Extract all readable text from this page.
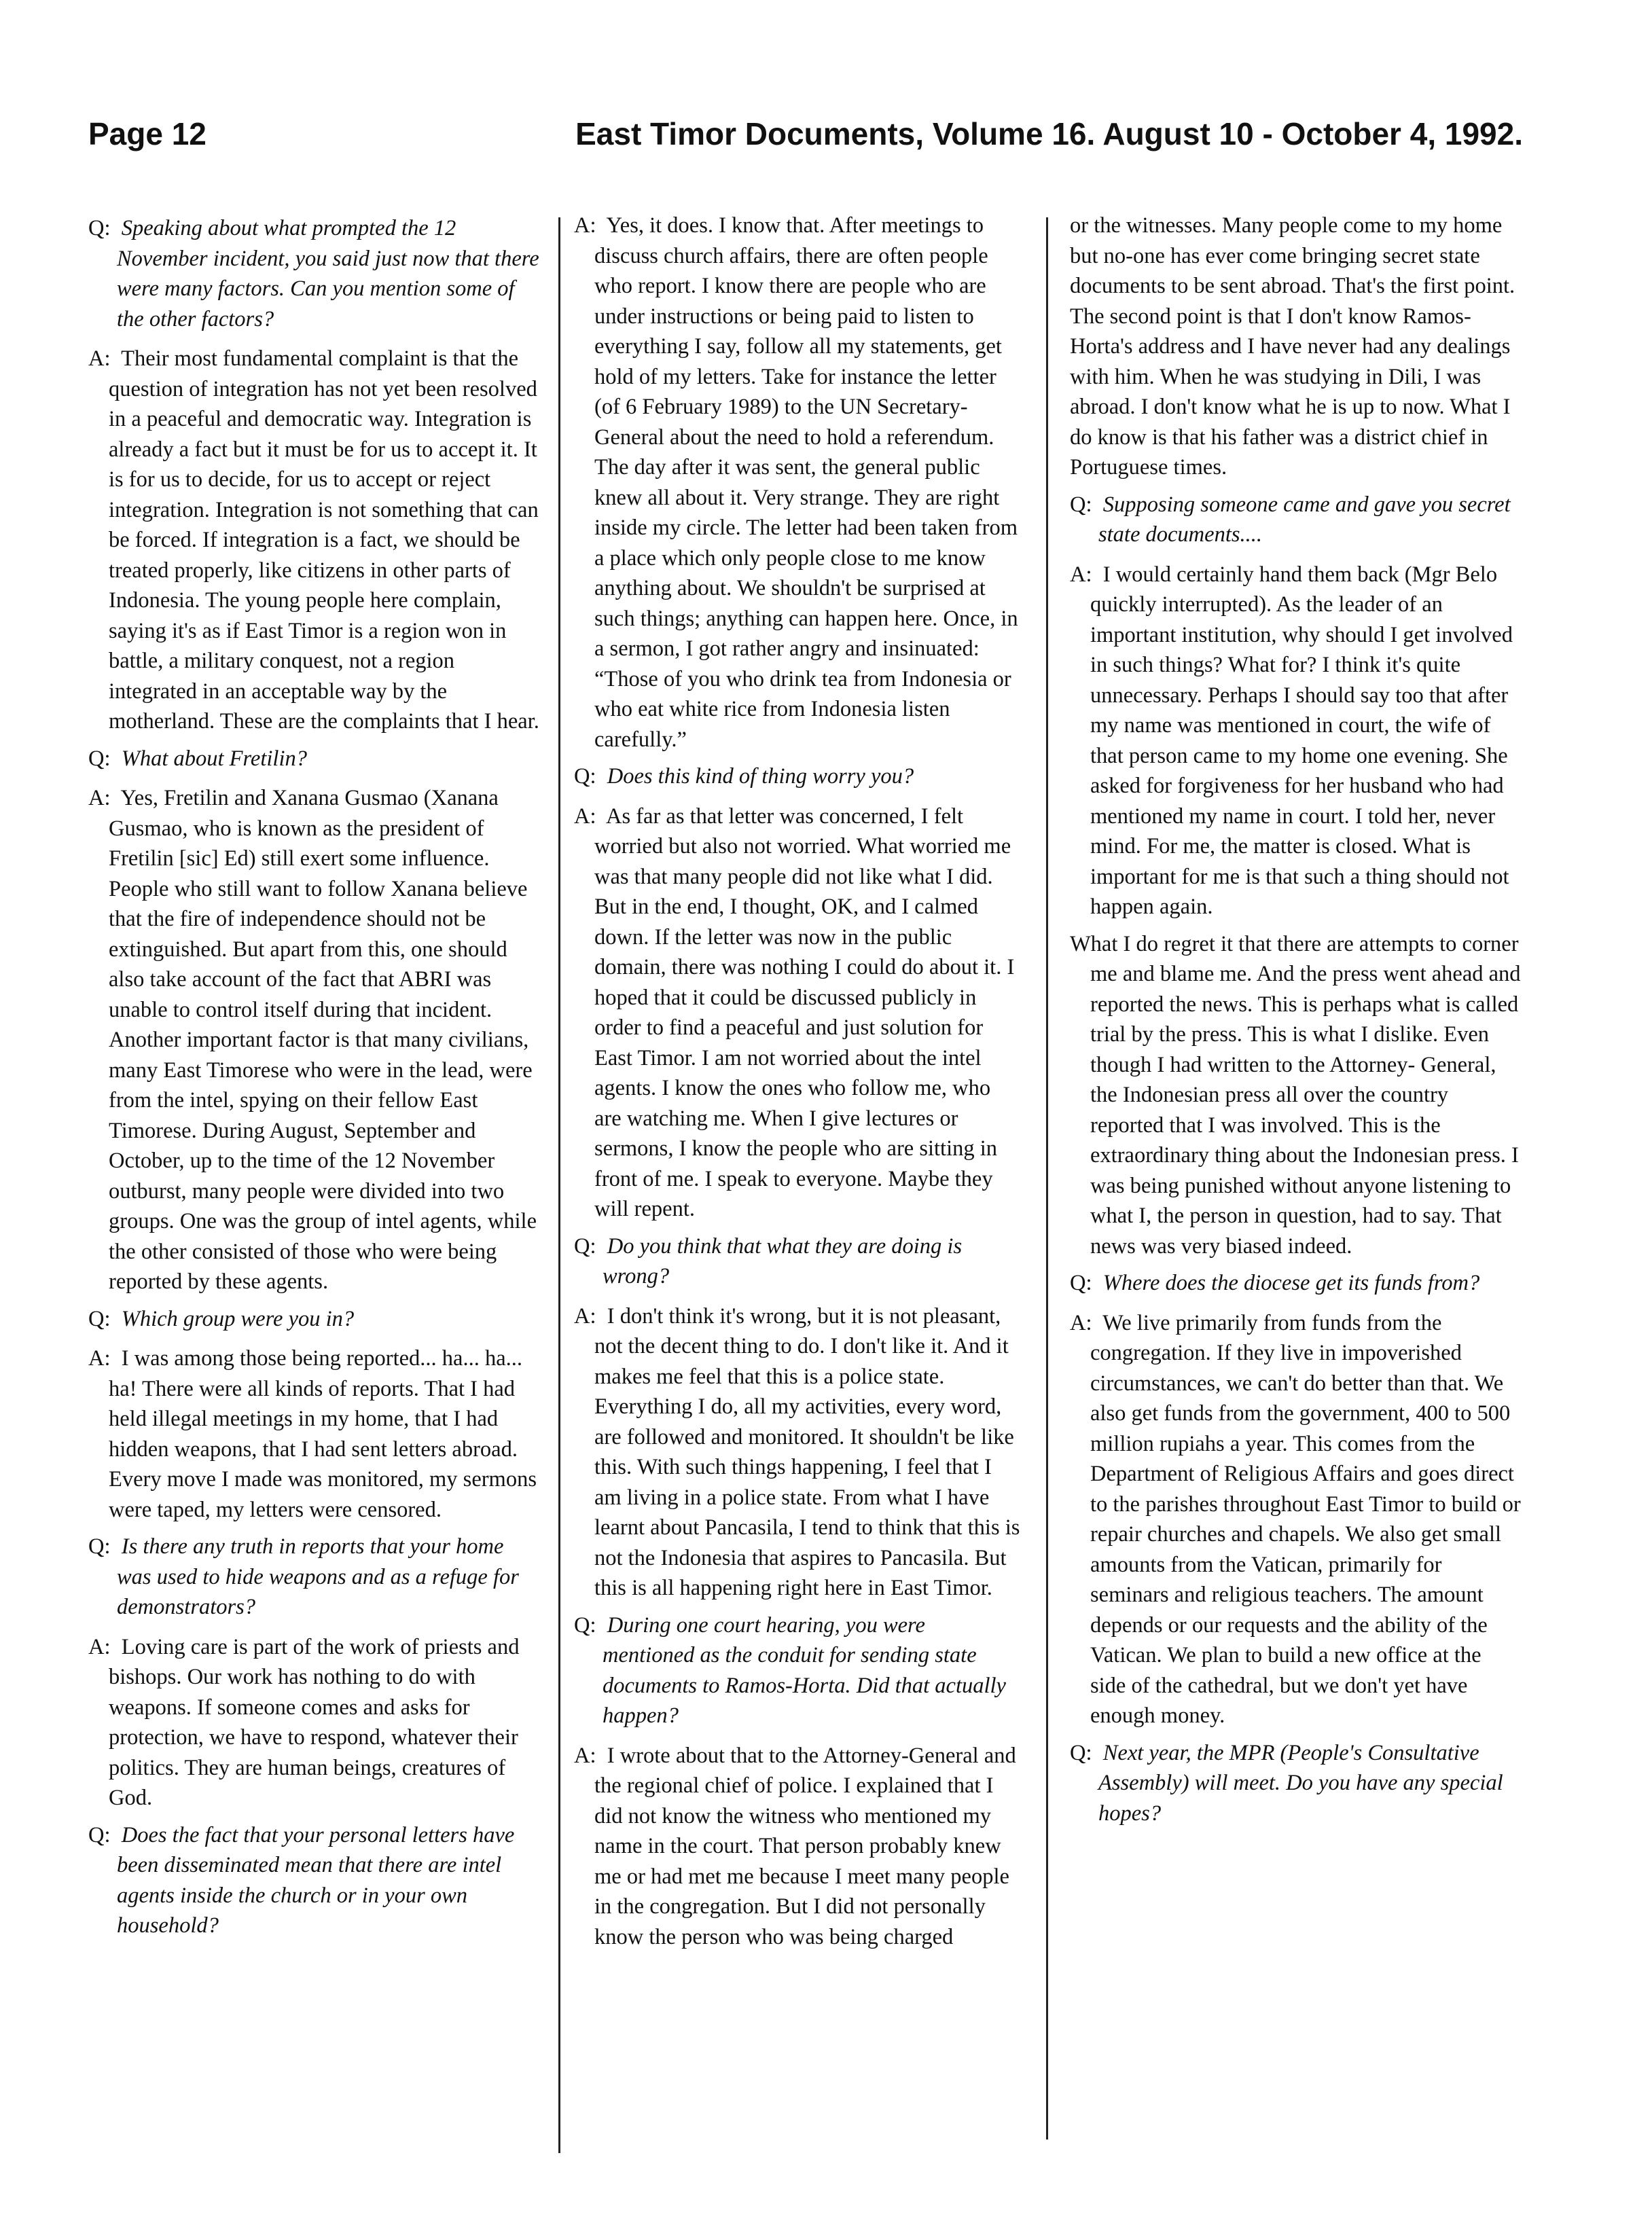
Page 12	East Timor Documents, Volume 16. August 10 - October 4, 1992.

Q: Speaking about what prompted the 12 November incident, you said just now that there were many factors. Can you mention some of the other factors?

A: Their most fundamental complaint is that the question of integration has not yet been resolved in a peaceful and democratic way. Integration is already a fact but it must be for us to accept it. It is for us to decide, for us to accept or reject integration. Integration is not something that can be forced. If integration is a fact, we should be treated properly, like citizens in other parts of Indonesia. The young people here complain, saying it's as if East Timor is a region won in battle, a military conquest, not a region integrated in an acceptable way by the motherland. These are the complaints that I hear.

Q: What about Fretilin?

A: Yes, Fretilin and Xanana Gusmao (Xanana Gusmao, who is known as the president of Fretilin [sic] Ed) still exert some influence. People who still want to follow Xanana believe that the fire of independence should not be extinguished. But apart from this, one should also take account of the fact that ABRI was unable to control itself during that incident. Another important factor is that many civilians, many East Timorese who were in the lead, were from the intel, spying on their fellow East Timorese. During August, September and October, up to the time of the 12 November outburst, many people were divided into two groups. One was the group of intel agents, while the other consisted of those who were being reported by these agents.

Q: Which group were you in?

A: I was among those being reported... ha... ha... ha! There were all kinds of reports. That I had held illegal meetings in my home, that I had hidden weapons, that I had sent letters abroad. Every move I made was monitored, my sermons were taped, my letters were censored.

Q: Is there any truth in reports that your home was used to hide weapons and as a refuge for demonstrators?

A: Loving care is part of the work of priests and bishops. Our work has nothing to do with weapons. If someone comes and asks for protection, we have to respond, whatever their politics. They are human beings, creatures of God.

Q: Does the fact that your personal letters have been disseminated mean that there are intel agents inside the church or in your own household?

A: Yes, it does. I know that. After meetings to discuss church affairs, there are often people who report. I know there are people who are under instructions or being paid to listen to everything I say, follow all my statements, get hold of my letters. Take for instance the letter (of 6 February 1989) to the UN Secretary-General about the need to hold a referendum. The day after it was sent, the general public knew all about it. Very strange. They are right inside my circle. The letter had been taken from a place which only people close to me know anything about. We shouldn't be surprised at such things; anything can happen here. Once, in a sermon, I got rather angry and insinuated: “Those of you who drink tea from Indonesia or who eat white rice from Indonesia listen carefully.”

Q: Does this kind of thing worry you?

A: As far as that letter was concerned, I felt worried but also not worried. What worried me was that many people did not like what I did. But in the end, I thought, OK, and I calmed down. If the letter was now in the public domain, there was nothing I could do about it. I hoped that it could be discussed publicly in order to find a peaceful and just solution for East Timor. I am not worried about the intel agents. I know the ones who follow me, who are watching me. When I give lectures or sermons, I know the people who are sitting in front of me. I speak to everyone. Maybe they will repent.

Q: Do you think that what they are doing is wrong?

A: I don't think it's wrong, but it is not pleasant, not the decent thing to do. I don't like it. And it makes me feel that this is a police state. Everything I do, all my activities, every word, are followed and monitored. It shouldn't be like this. With such things happening, I feel that I am living in a police state. From what I have learnt about Pancasila, I tend to think that this is not the Indonesia that aspires to Pancasila. But this is all happening right here in East Timor.

Q: During one court hearing, you were mentioned as the conduit for sending state documents to Ramos-Horta. Did that actually happen?

A: I wrote about that to the Attorney-General and the regional chief of police. I explained that I did not know the witness who mentioned my name in the court. That person probably knew me or had met me because I meet many people in the congregation. But I did not personally know the person who was being charged

or the witnesses. Many people come to my home but no-one has ever come bringing secret state documents to be sent abroad. That's the first point. The second point is that I don't know Ramos-Horta's address and I have never had any dealings with him. When he was studying in Dili, I was abroad. I don't know what he is up to now. What I do know is that his father was a district chief in Portuguese times.

Q: Supposing someone came and gave you secret state documents....

A: I would certainly hand them back (Mgr Belo quickly interrupted). As the leader of an important institution, why should I get involved in such things? What for? I think it's quite unnecessary. Perhaps I should say too that after my name was mentioned in court, the wife of that person came to my home one evening. She asked for forgiveness for her husband who had mentioned my name in court. I told her, never mind. For me, the matter is closed. What is important for me is that such a thing should not happen again.

What I do regret it that there are attempts to corner me and blame me. And the press went ahead and reported the news. This is perhaps what is called trial by the press. This is what I dislike. Even though I had written to the Attorney- General, the Indonesian press all over the country reported that I was involved. This is the extraordinary thing about the Indonesian press. I was being punished without anyone listening to what I, the person in question, had to say. That news was very biased indeed.

Q: Where does the diocese get its funds from?

A: We live primarily from funds from the congregation. If they live in impoverished circumstances, we can't do better than that. We also get funds from the government, 400 to 500 million rupiahs a year. This comes from the Department of Religious Affairs and goes direct to the parishes throughout East Timor to build or repair churches and chapels. We also get small amounts from the Vatican, primarily for seminars and religious teachers. The amount depends or our requests and the ability of the Vatican. We plan to build a new office at the side of the cathedral, but we don't yet have enough money.

Q: Next year, the MPR (People's Consultative Assembly) will meet. Do you have any special hopes?
